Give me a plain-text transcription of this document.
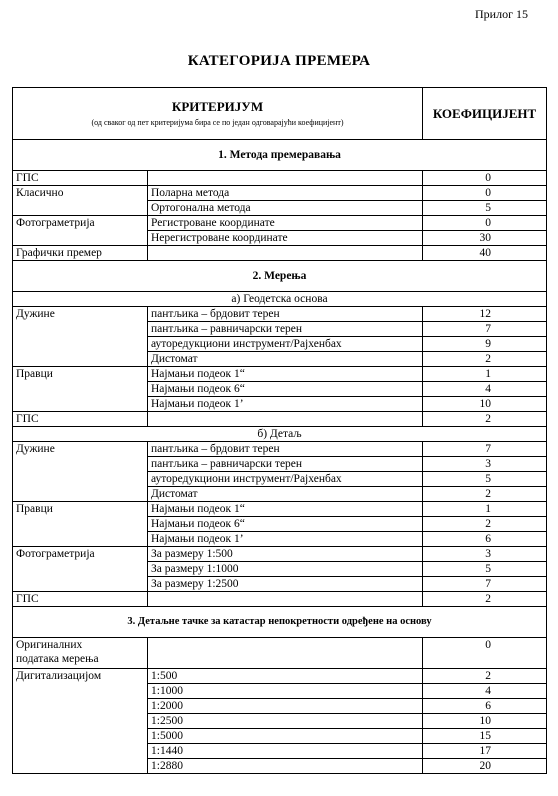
Прилог 15
КАТЕГОРИЈА ПРЕМЕРА
КРИТЕРИЈУМ
(од сваког од пет критеријума бира се по један одговарајући коефицијент)		КОЕФИЦИЈЕНТ
1. Метода премеравања		
ГПС		0
Класично	Поларна метода	0
	Ортогонална метода	5
Фотограметрија	Регистроване координате	0
	Нерегистроване координате	30
Графички премер		40
2. Мерења		
а) Геодетска основа		
Дужине	пантљика – брдовит терен	12
	пантљика – равничарски терен	7
	ауторедукциони инструмент/Рајхенбах	9
	Дистомат	2
Правци	Најмањи подеок 1“	1
	Најмањи подеок 6“	4
	Најмањи подеок 1’	10
ГПС		2
б) Детаљ		
Дужине	пантљика – брдовит терен	7
	пантљика – равничарски терен	3
	ауторедукциони инструмент/Рајхенбах	5
	Дистомат	2
Правци	Најмањи подеок 1“	1
	Најмањи подеок 6“	2
	Најмањи подеок 1’	6
Фотограметрија	За размеру 1:500	3
	За размеру 1:1000	5
	За размеру 1:2500	7
ГПС		2
3. Детаљне тачке за катастар непокретности одређене на основу		
Оригиналних
података мерења		0
Дигитализацијом	1:500	2
	1:1000	4
	1:2000	6
	1:2500	10
	1:5000	15
	1:1440	17
	1:2880	20
